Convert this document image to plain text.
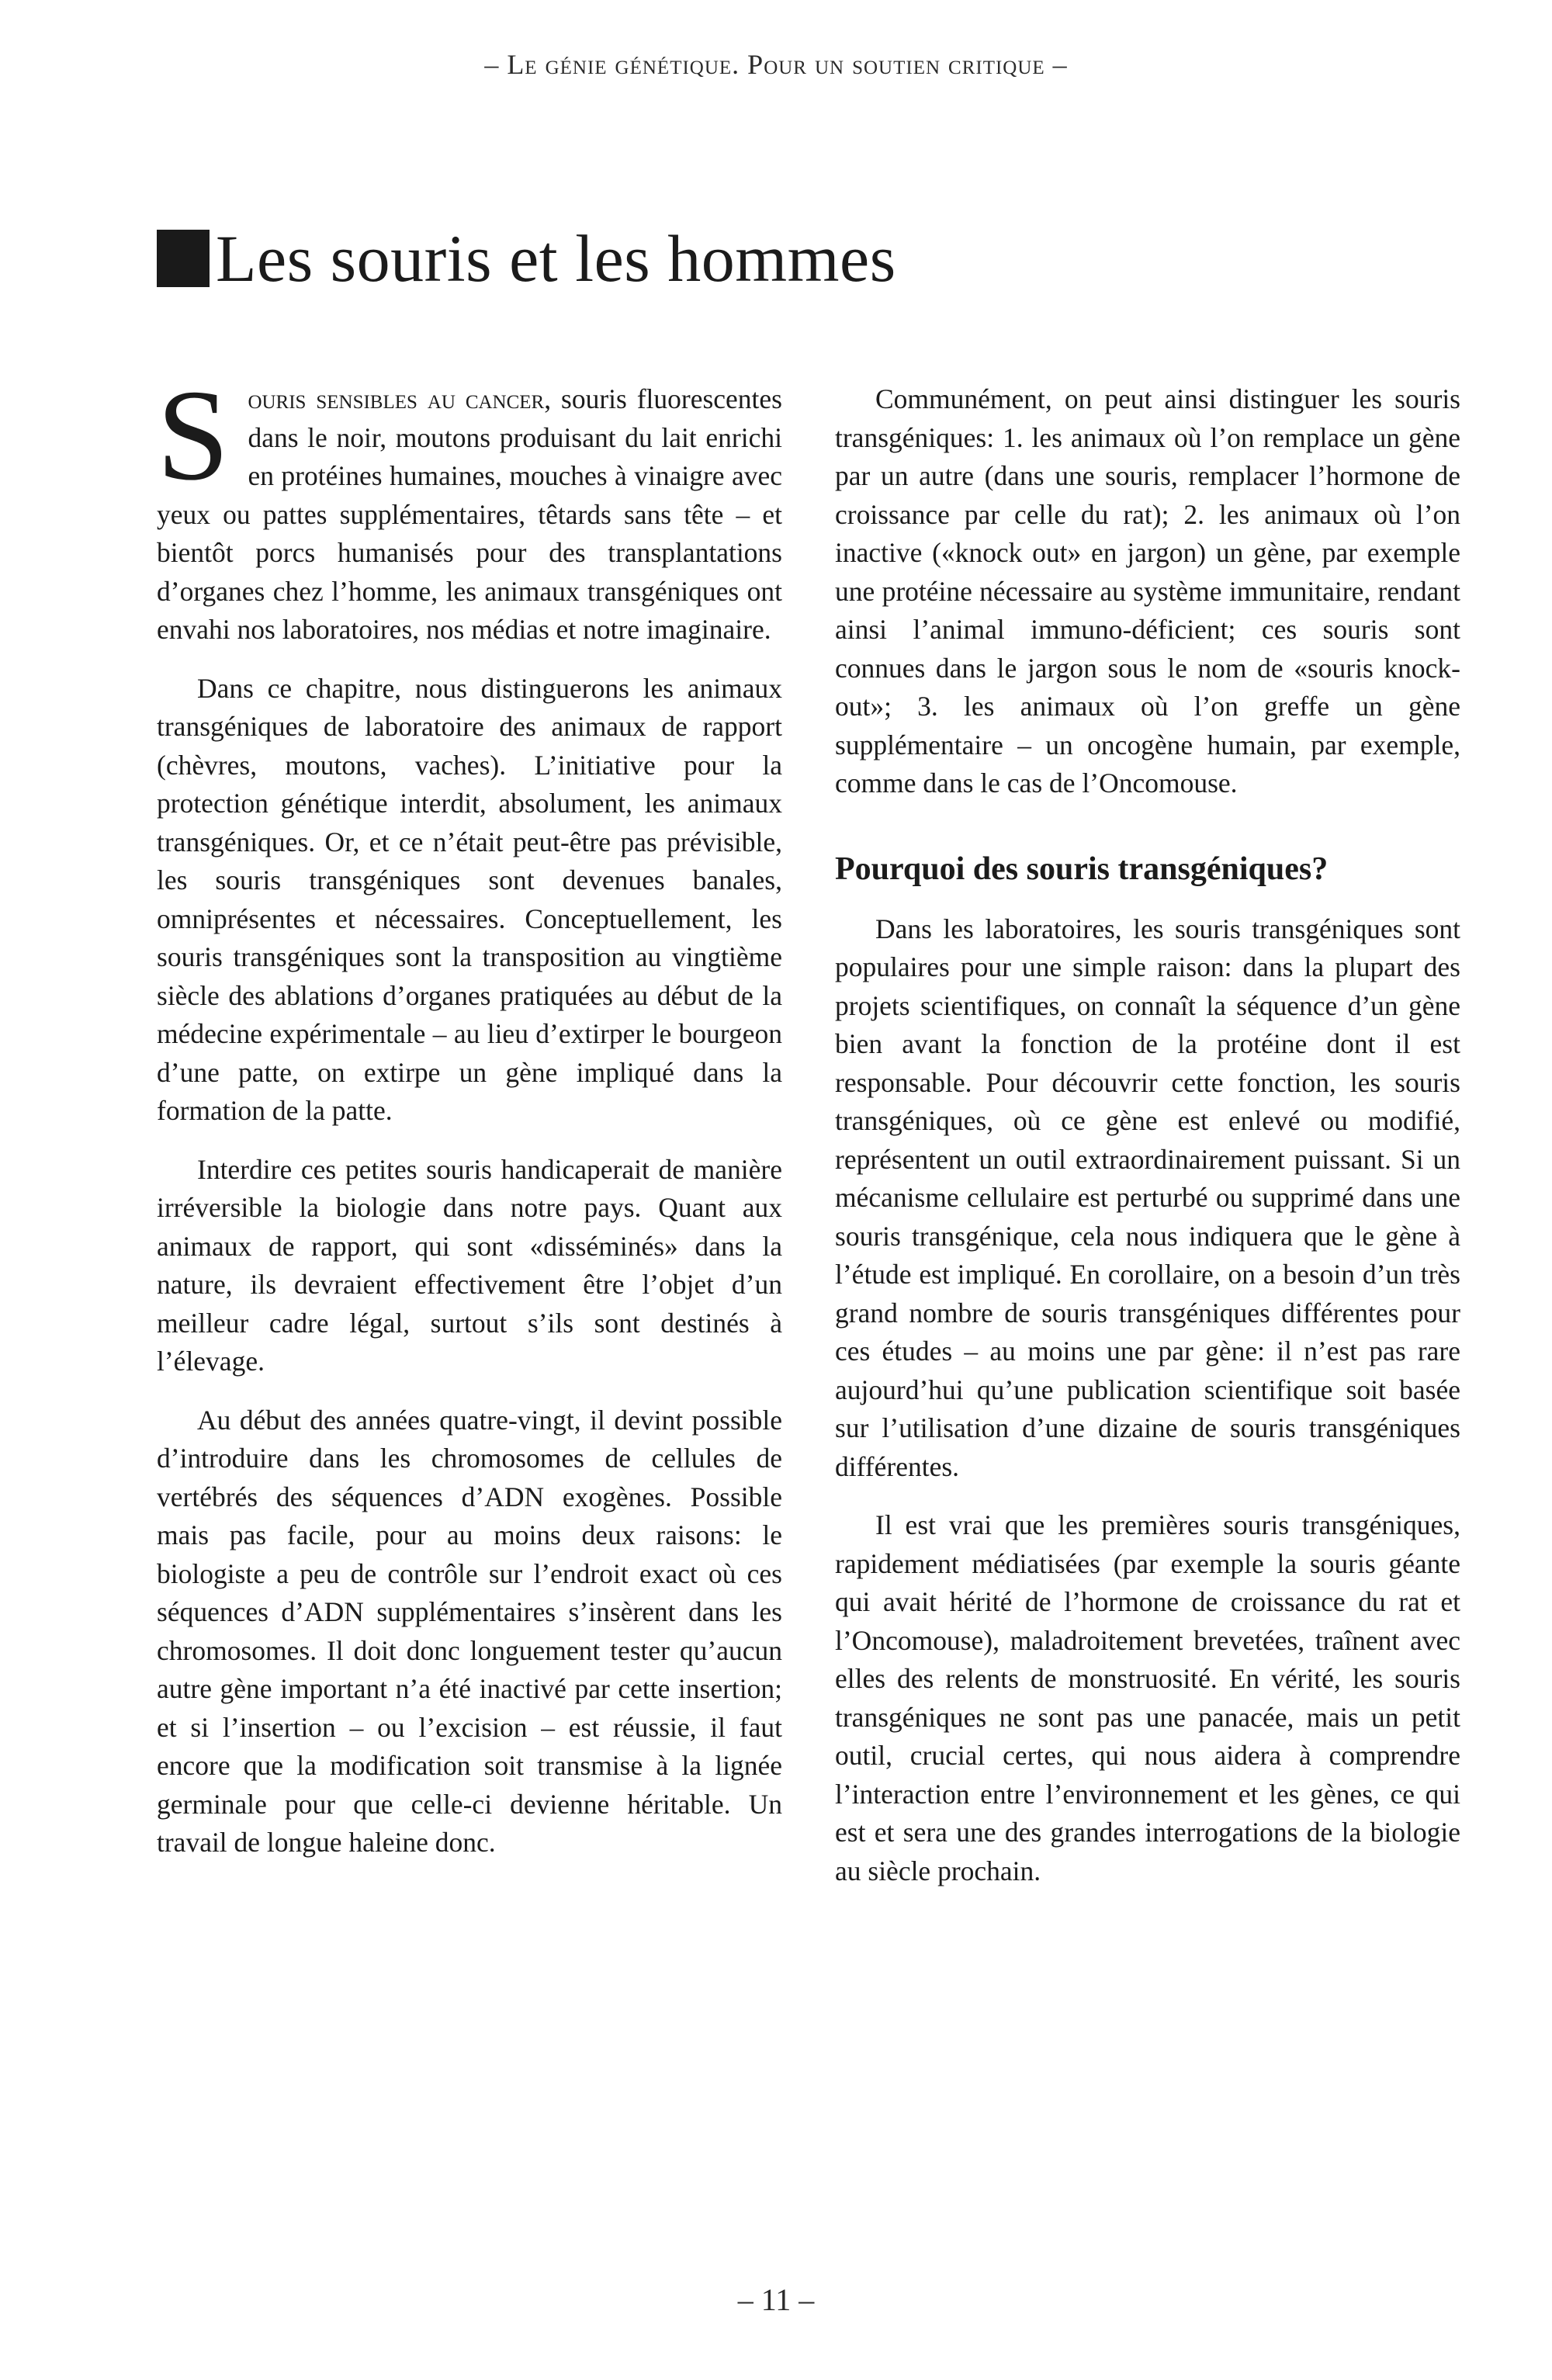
– Le génie génétique. Pour un soutien critique –
Les souris et les hommes

Souris sensibles au cancer, souris fluorescentes dans le noir, moutons produisant du lait enrichi en protéines humaines, mouches à vinaigre avec yeux ou pattes supplémentaires, têtards sans tête – et bientôt porcs humanisés pour des transplantations d’organes chez l’homme, les animaux transgéniques ont envahi nos laboratoires, nos médias et notre imaginaire.

Dans ce chapitre, nous distinguerons les animaux transgéniques de laboratoire des animaux de rapport (chèvres, moutons, vaches). L’initiative pour la protection génétique interdit, absolument, les animaux transgéniques. Or, et ce n’était peut-être pas prévisible, les souris transgéniques sont devenues banales, omniprésentes et nécessaires. Conceptuellement, les souris transgéniques sont la transposition au vingtième siècle des ablations d’organes pratiquées au début de la médecine expérimentale – au lieu d’extirper le bourgeon d’une patte, on extirpe un gène impliqué dans la formation de la patte.

Interdire ces petites souris handicaperait de manière irréversible la biologie dans notre pays. Quant aux animaux de rapport, qui sont «disséminés» dans la nature, ils devraient effectivement être l’objet d’un meilleur cadre légal, surtout s’ils sont destinés à l’élevage.

Au début des années quatre-vingt, il devint possible d’introduire dans les chromosomes de cellules de vertébrés des séquences d’ADN exogènes. Possible mais pas facile, pour au moins deux raisons: le biologiste a peu de contrôle sur l’endroit exact où ces séquences d’ADN supplémentaires s’insèrent dans les chromosomes. Il doit donc longuement tester qu’aucun autre gène important n’a été inactivé par cette insertion; et si l’insertion – ou l’excision – est réussie, il faut encore que la modification soit transmise à la lignée germinale pour que celle-ci devienne héritable. Un travail de longue haleine donc.

Communément, on peut ainsi distinguer les souris transgéniques: 1. les animaux où l’on remplace un gène par un autre (dans une souris, remplacer l’hormone de croissance par celle du rat); 2. les animaux où l’on inactive («knock out» en jargon) un gène, par exemple une protéine nécessaire au système immunitaire, rendant ainsi l’animal immuno-déficient; ces souris sont connues dans le jargon sous le nom de «souris knock-out»; 3. les animaux où l’on greffe un gène supplémentaire – un oncogène humain, par exemple, comme dans le cas de l’Oncomouse.

Pourquoi des souris transgéniques?

Dans les laboratoires, les souris transgéniques sont populaires pour une simple raison: dans la plupart des projets scientifiques, on connaît la séquence d’un gène bien avant la fonction de la protéine dont il est responsable. Pour découvrir cette fonction, les souris transgéniques, où ce gène est enlevé ou modifié, représentent un outil extraordinairement puissant. Si un mécanisme cellulaire est perturbé ou supprimé dans une souris transgénique, cela nous indiquera que le gène à l’étude est impliqué. En corollaire, on a besoin d’un très grand nombre de souris transgéniques différentes pour ces études – au moins une par gène: il n’est pas rare aujourd’hui qu’une publication scientifique soit basée sur l’utilisation d’une dizaine de souris transgéniques différentes.

Il est vrai que les premières souris transgéniques, rapidement médiatisées (par exemple la souris géante qui avait hérité de l’hormone de croissance du rat et l’Oncomouse), maladroitement brevetées, traînent avec elles des relents de monstruosité. En vérité, les souris transgéniques ne sont pas une panacée, mais un petit outil, crucial certes, qui nous aidera à comprendre l’interaction entre l’environnement et les gènes, ce qui est et sera une des grandes interrogations de la biologie au siècle prochain.

– 11 –
